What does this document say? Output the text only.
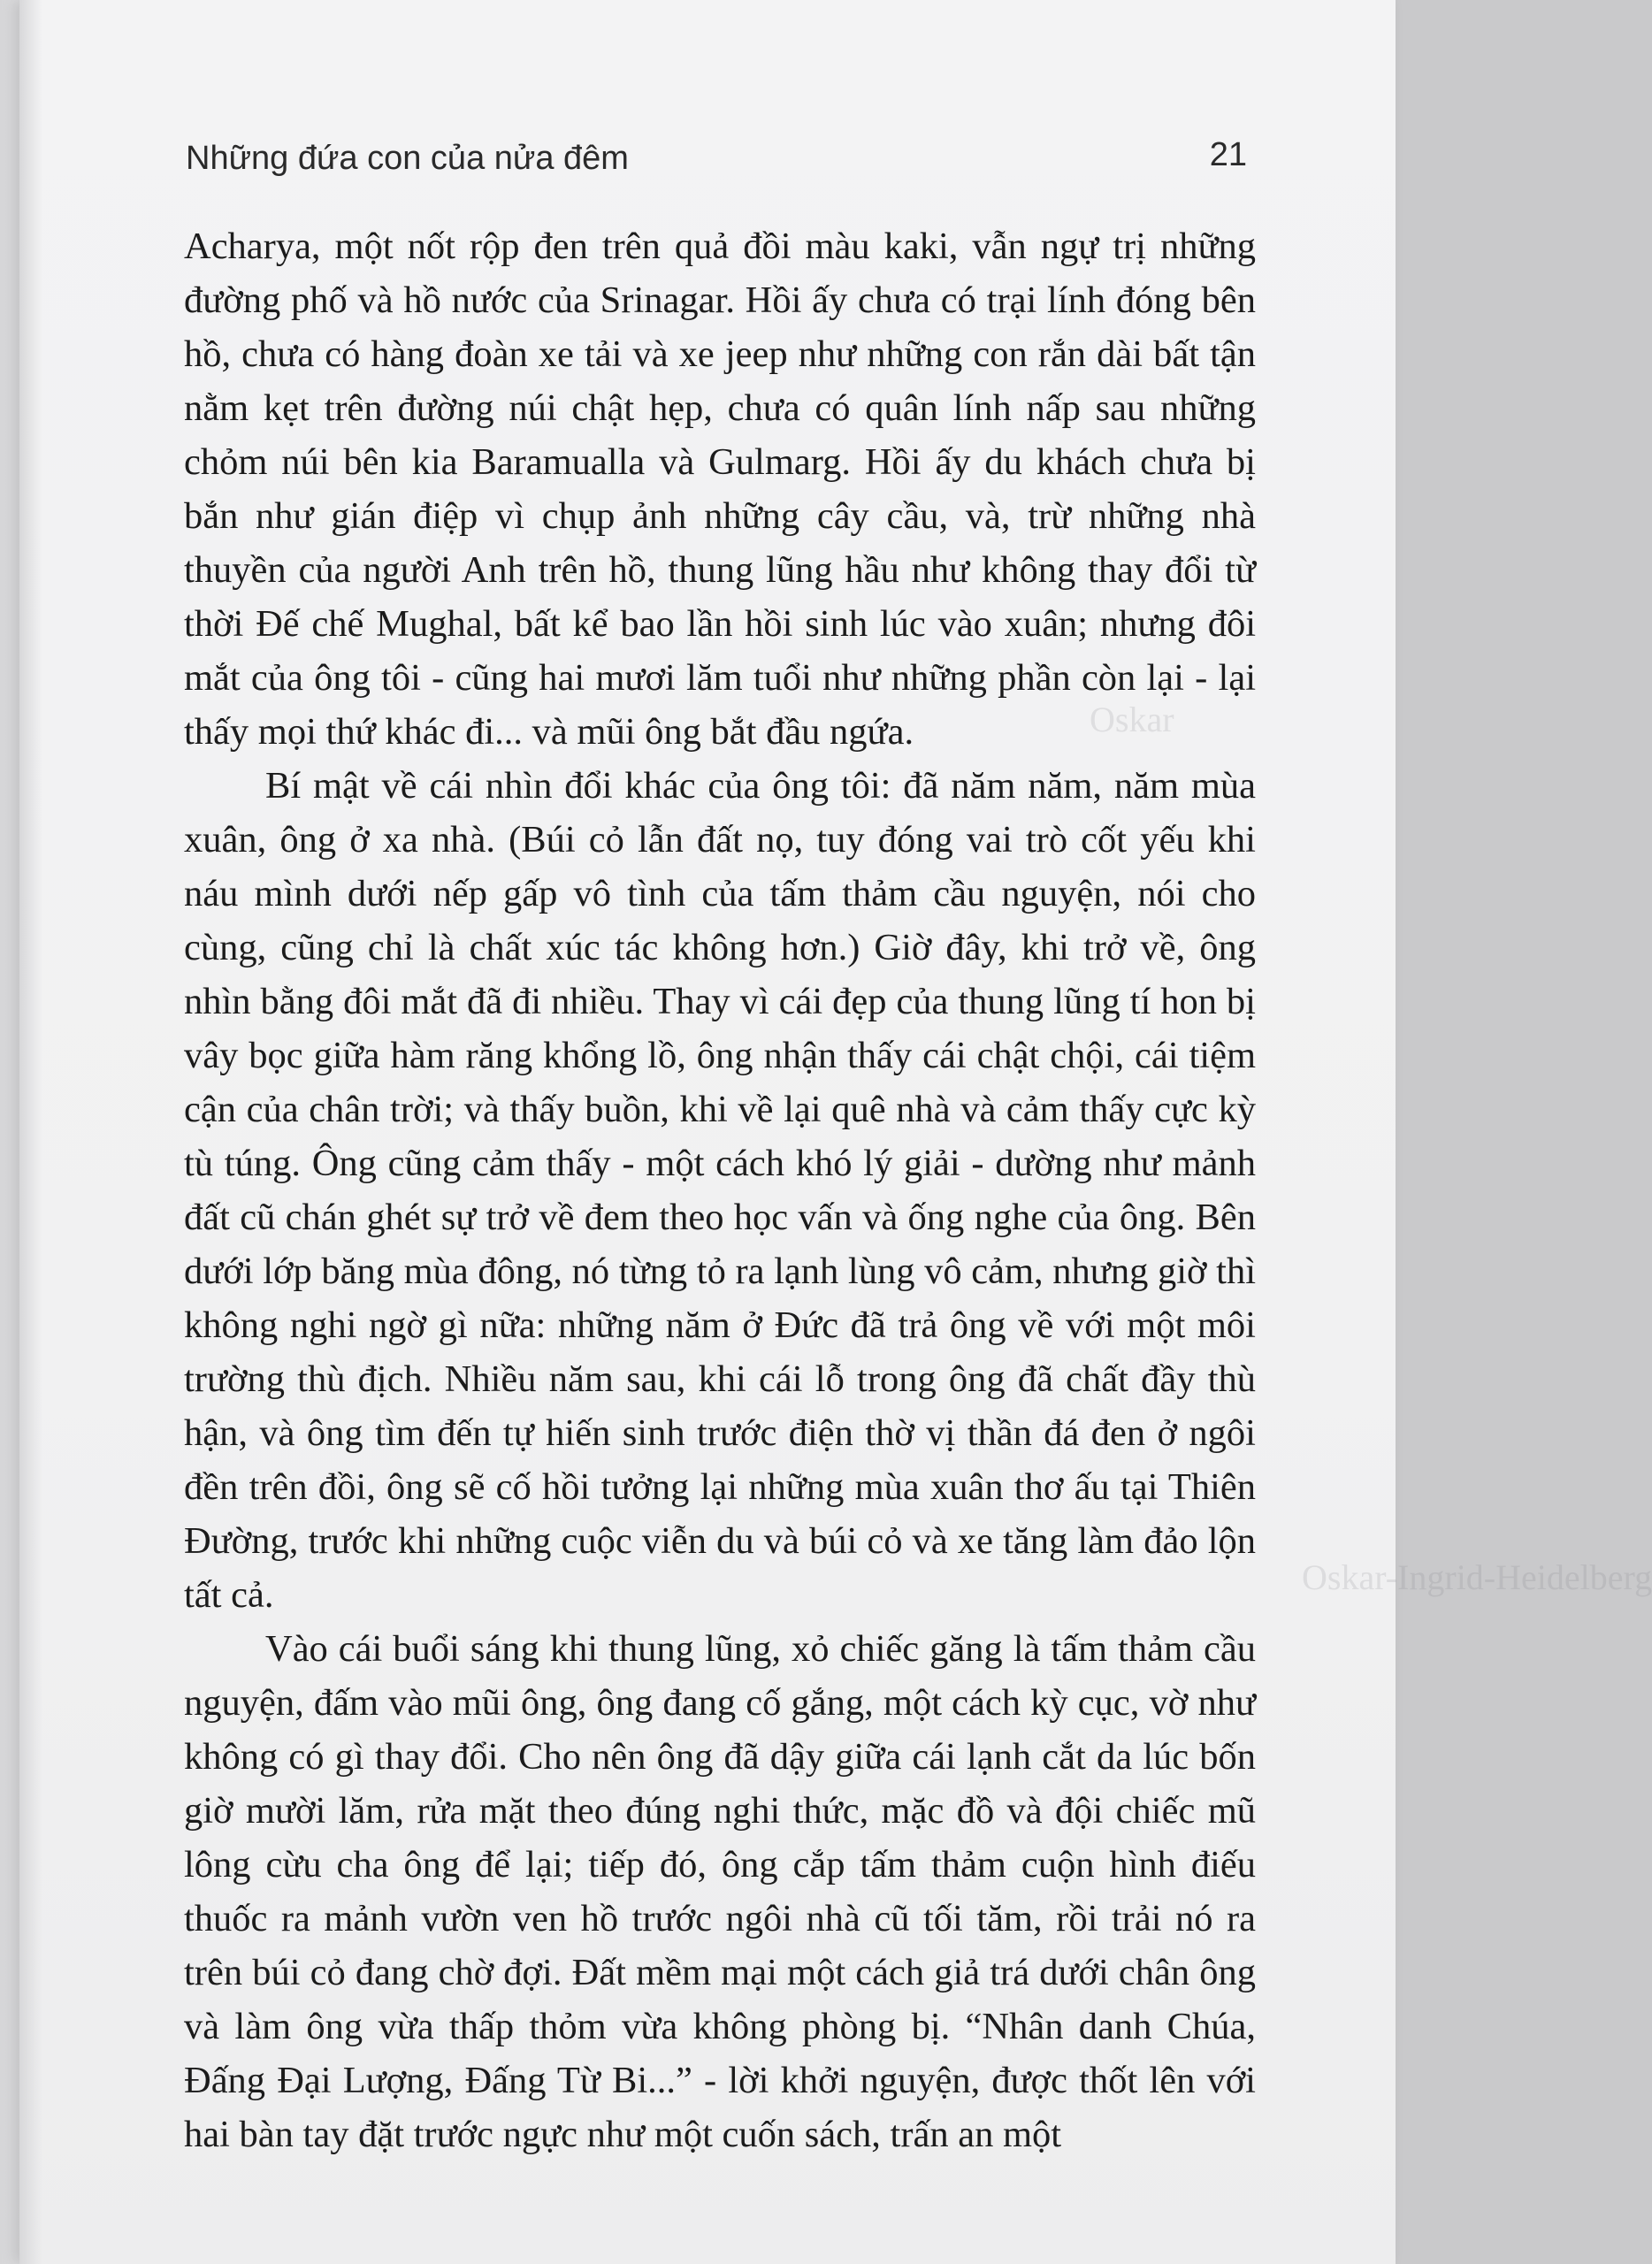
Oskar
Oskar-Ingrid-Heidelberg
Những đứa con của nửa đêm	21

Acharya, một nốt rộp đen trên quả đồi màu kaki, vẫn ngự trị những đường phố và hồ nước của Srinagar. Hồi ấy chưa có trại lính đóng bên hồ, chưa có hàng đoàn xe tải và xe jeep như những con rắn dài bất tận nằm kẹt trên đường núi chật hẹp, chưa có quân lính nấp sau những chỏm núi bên kia Baramualla và Gulmarg. Hồi ấy du khách chưa bị bắn như gián điệp vì chụp ảnh những cây cầu, và, trừ những nhà thuyền của người Anh trên hồ, thung lũng hầu như không thay đổi từ thời Đế chế Mughal, bất kể bao lần hồi sinh lúc vào xuân; nhưng đôi mắt của ông tôi - cũng hai mươi lăm tuổi như những phần còn lại - lại thấy mọi thứ khác đi... và mũi ông bắt đầu ngứa.

Bí mật về cái nhìn đổi khác của ông tôi: đã năm năm, năm mùa xuân, ông ở xa nhà. (Búi cỏ lẫn đất nọ, tuy đóng vai trò cốt yếu khi náu mình dưới nếp gấp vô tình của tấm thảm cầu nguyện, nói cho cùng, cũng chỉ là chất xúc tác không hơn.) Giờ đây, khi trở về, ông nhìn bằng đôi mắt đã đi nhiều. Thay vì cái đẹp của thung lũng tí hon bị vây bọc giữa hàm răng khổng lồ, ông nhận thấy cái chật chội, cái tiệm cận của chân trời; và thấy buồn, khi về lại quê nhà và cảm thấy cực kỳ tù túng. Ông cũng cảm thấy - một cách khó lý giải - dường như mảnh đất cũ chán ghét sự trở về đem theo học vấn và ống nghe của ông. Bên dưới lớp băng mùa đông, nó từng tỏ ra lạnh lùng vô cảm, nhưng giờ thì không nghi ngờ gì nữa: những năm ở Đức đã trả ông về với một môi trường thù địch. Nhiều năm sau, khi cái lỗ trong ông đã chất đầy thù hận, và ông tìm đến tự hiến sinh trước điện thờ vị thần đá đen ở ngôi đền trên đồi, ông sẽ cố hồi tưởng lại những mùa xuân thơ ấu tại Thiên Đường, trước khi những cuộc viễn du và búi cỏ và xe tăng làm đảo lộn tất cả.

Vào cái buổi sáng khi thung lũng, xỏ chiếc găng là tấm thảm cầu nguyện, đấm vào mũi ông, ông đang cố gắng, một cách kỳ cục, vờ như không có gì thay đổi. Cho nên ông đã dậy giữa cái lạnh cắt da lúc bốn giờ mười lăm, rửa mặt theo đúng nghi thức, mặc đồ và đội chiếc mũ lông cừu cha ông để lại; tiếp đó, ông cắp tấm thảm cuộn hình điếu thuốc ra mảnh vườn ven hồ trước ngôi nhà cũ tối tăm, rồi trải nó ra trên búi cỏ đang chờ đợi. Đất mềm mại một cách giả trá dưới chân ông và làm ông vừa thấp thỏm vừa không phòng bị. “Nhân danh Chúa, Đấng Đại Lượng, Đấng Từ Bi...” - lời khởi nguyện, được thốt lên với hai bàn tay đặt trước ngực như một cuốn sách, trấn an một
